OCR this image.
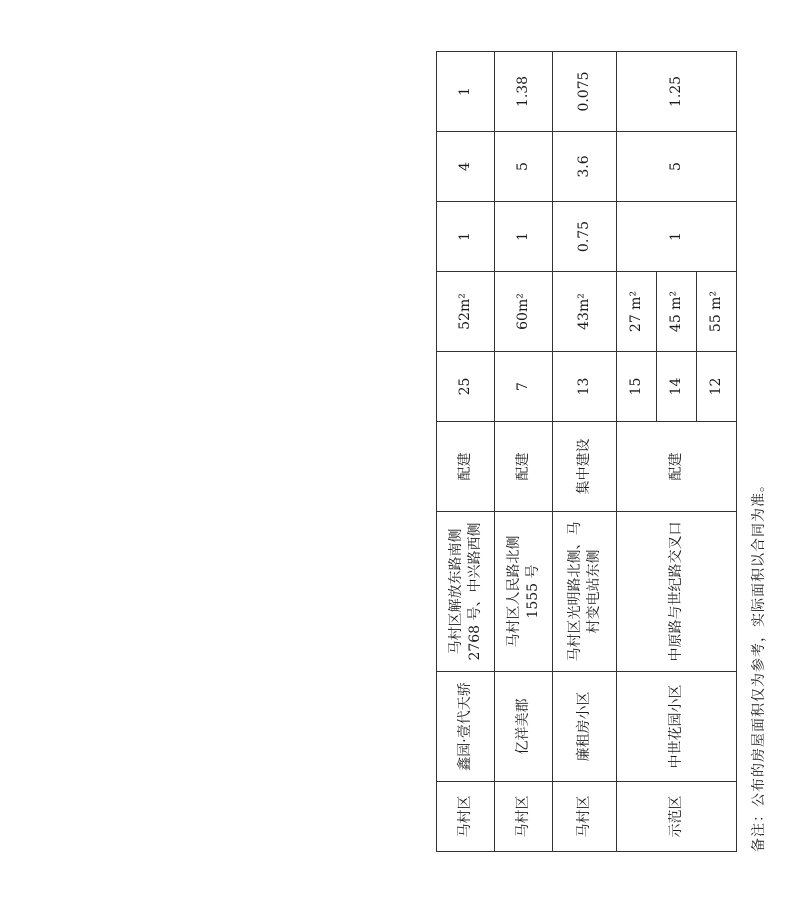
马村区	鑫园·壹代天骄	马村区解放东路南侧 2768 号、中兴路西侧	配建	25	52m²	1	4	1
马村区	亿祥美郡	马村区人民路北侧 1555 号	配建	7	60m²	1	5	1.38
马村区	廉租房小区	马村区光明路北侧、马村变电站东侧	集中建设	13	43m²	0.75	3.6	0.075
示范区	中世花园小区	中原路与世纪路交叉口	配建	15	27 m²	1	5	1.25
				14	45 m²			
				12	55 m²			
备注：公布的房屋面积仅为参考，实际面积以合同为准。
